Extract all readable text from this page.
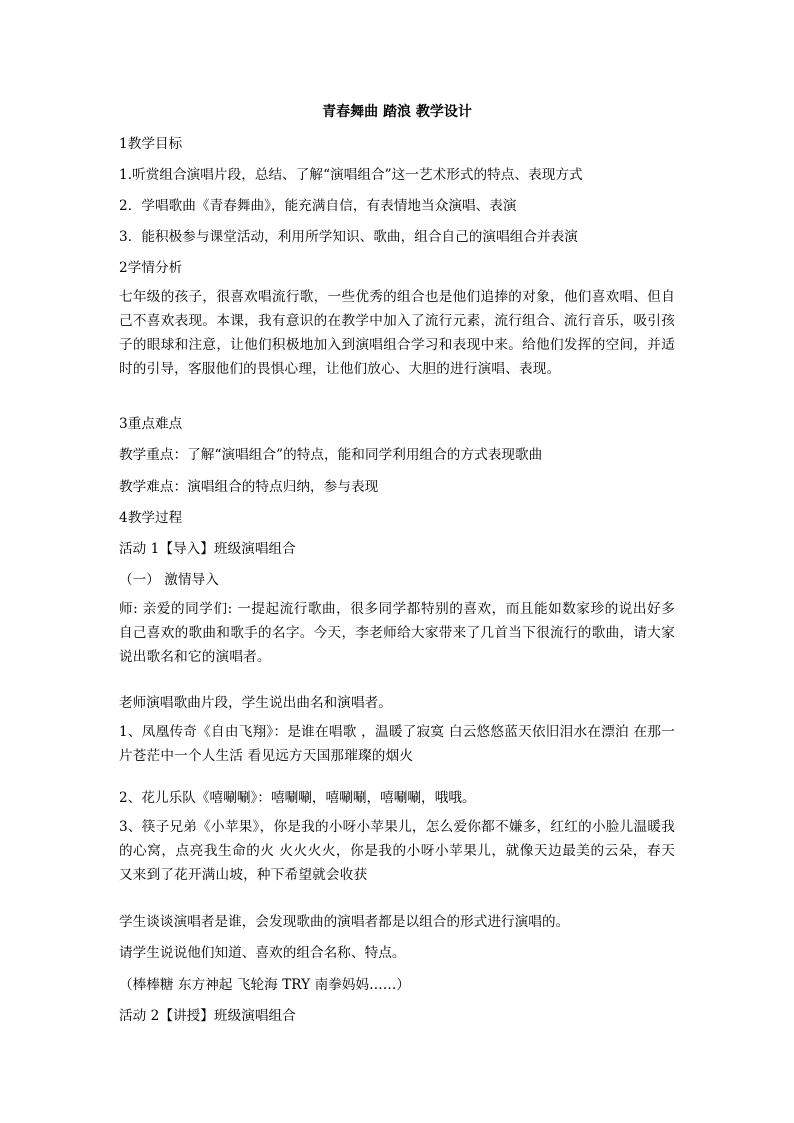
青春舞曲 踏浪 教学设计
1教学目标
1.听赏组合演唱片段，总结、了解“演唱组合”这一艺术形式的特点、表现方式
2．学唱歌曲《青春舞曲》，能充满自信，有表情地当众演唱、表演
3．能积极参与课堂活动，利用所学知识、歌曲，组合自己的演唱组合并表演
2学情分析
七年级的孩子，很喜欢唱流行歌，一些优秀的组合也是他们追捧的对象，他们喜欢唱、但自己不喜欢表现。本课，我有意识的在教学中加入了流行元素，流行组合、流行音乐，吸引孩子的眼球和注意，让他们积极地加入到演唱组合学习和表现中来。给他们发挥的空间，并适时的引导，客服他们的畏惧心理，让他们放心、大胆的进行演唱、表现。
3重点难点
教学重点：了解“演唱组合”的特点，能和同学利用组合的方式表现歌曲
教学难点：演唱组合的特点归纳，参与表现
4教学过程
活动 1【导入】班级演唱组合
（一） 激情导入
师: 亲爱的同学们: 一提起流行歌曲，很多同学都特别的喜欢，而且能如数家珍的说出好多自己喜欢的歌曲和歌手的名字。今天，李老师给大家带来了几首当下很流行的歌曲，请大家说出歌名和它的演唱者。
老师演唱歌曲片段，学生说出曲名和演唱者。
1、凤凰传奇《自由飞翔》：是谁在唱歌 ，温暖了寂寞 白云悠悠蓝天依旧泪水在漂泊 在那一片苍茫中一个人生活 看见远方天国那璀璨的烟火
2、花儿乐队《嘻唰唰》：嘻唰唰，嘻唰唰，嘻唰唰，哦哦。
3、筷子兄弟《小苹果》，你是我的小呀小苹果儿，怎么爱你都不嫌多，红红的小脸儿温暖我的心窝，点亮我生命的火 火火火火，你是我的小呀小苹果儿，就像天边最美的云朵，春天又来到了花开满山坡，种下希望就会收获
学生谈谈演唱者是谁，会发现歌曲的演唱者都是以组合的形式进行演唱的。
请学生说说他们知道、喜欢的组合名称、特点。
（棒棒糖 东方神起 飞轮海 TRY 南拳妈妈……）
活动 2【讲授】班级演唱组合
